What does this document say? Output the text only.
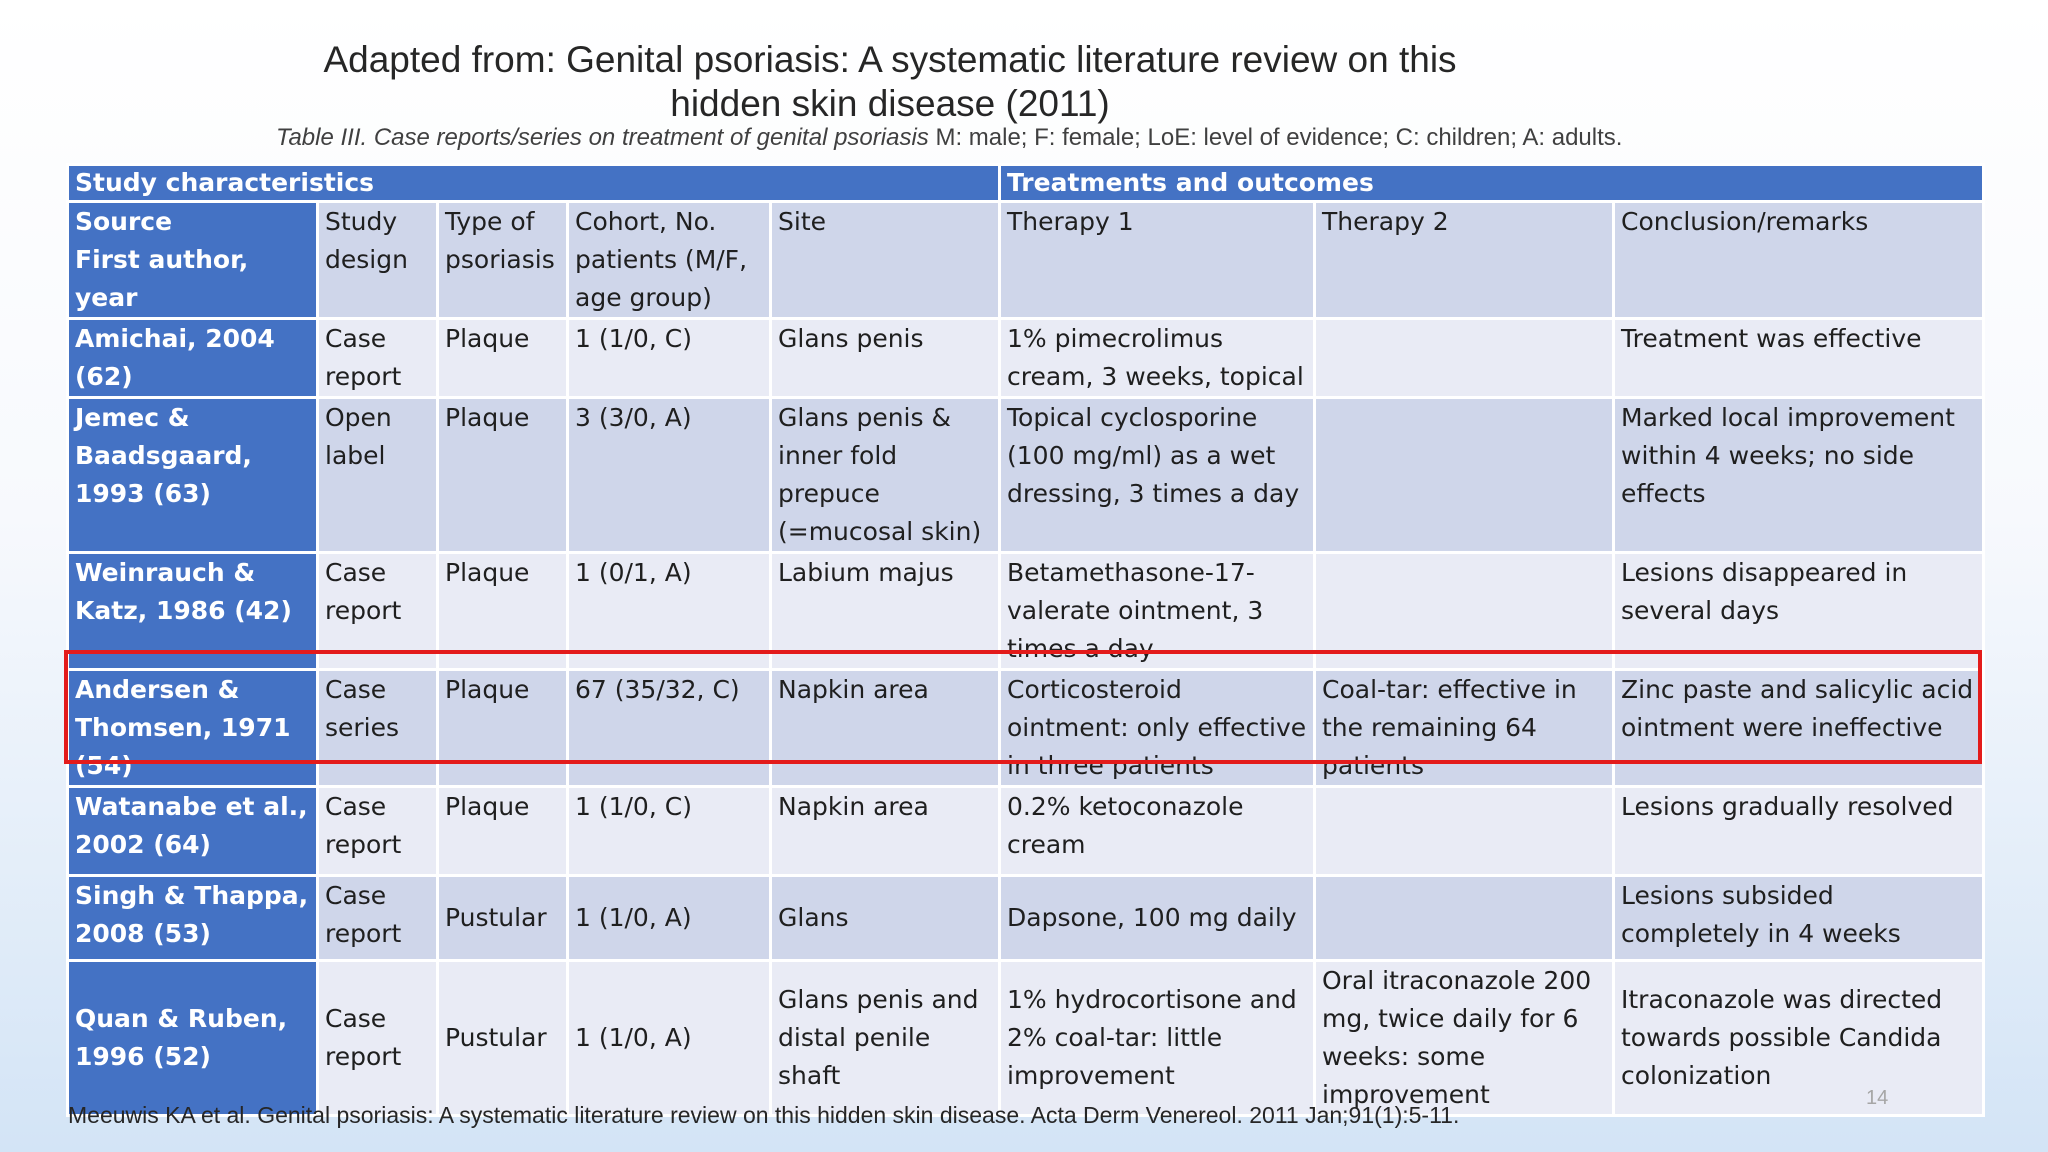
Adapted from: Genital psoriasis: A systematic literature review on this hidden skin disease (2011)
Table III. Case reports/series on treatment of genital psoriasis M: male; F: female; LoE: level of evidence; C: children; A: adults.
Study characteristics					Treatments and outcomes		
Source
First author, year	Study design	Type of psoriasis	Cohort, No. patients (M/F, age group)	Site	Therapy 1	Therapy 2	Conclusion/remarks
Amichai, 2004 (62)	Case report	Plaque	1 (1/0, C)	Glans penis	1% pimecrolimus cream, 3 weeks, topical		Treatment was effective
Jemec & Baadsgaard, 1993 (63)	Open label	Plaque	3 (3/0, A)	Glans penis & inner fold prepuce (=mucosal skin)	Topical cyclosporine (100 mg/ml) as a wet dressing, 3 times a day		Marked local improvement within 4 weeks; no side effects
Weinrauch & Katz, 1986 (42)	Case report	Plaque	1 (0/1, A)	Labium majus	Betamethasone-17-valerate ointment, 3 times a day		Lesions disappeared in several days
Andersen & Thomsen, 1971 (54)	Case series	Plaque	67 (35/32, C)	Napkin area	Corticosteroid ointment: only effective in three patients	Coal-tar: effective in the remaining 64 patients	Zinc paste and salicylic acid ointment were ineffective
Watanabe et al., 2002 (64)	Case report	Plaque	1 (1/0, C)	Napkin area	0.2% ketoconazole cream		Lesions gradually resolved
Singh & Thappa, 2008 (53)	Case report	Pustular	1 (1/0, A)	Glans	Dapsone, 100 mg daily		Lesions subsided completely in 4 weeks
Quan & Ruben, 1996 (52)	Case report	Pustular	1 (1/0, A)	Glans penis and distal penile shaft	1% hydrocortisone and 2% coal-tar: little improvement	Oral itraconazole 200 mg, twice daily for 6 weeks: some improvement	Itraconazole was directed towards possible Candida colonization
Meeuwis KA et al. Genital psoriasis: A systematic literature review on this hidden skin disease. Acta Derm Venereol. 2011 Jan;91(1):5-11.
14
